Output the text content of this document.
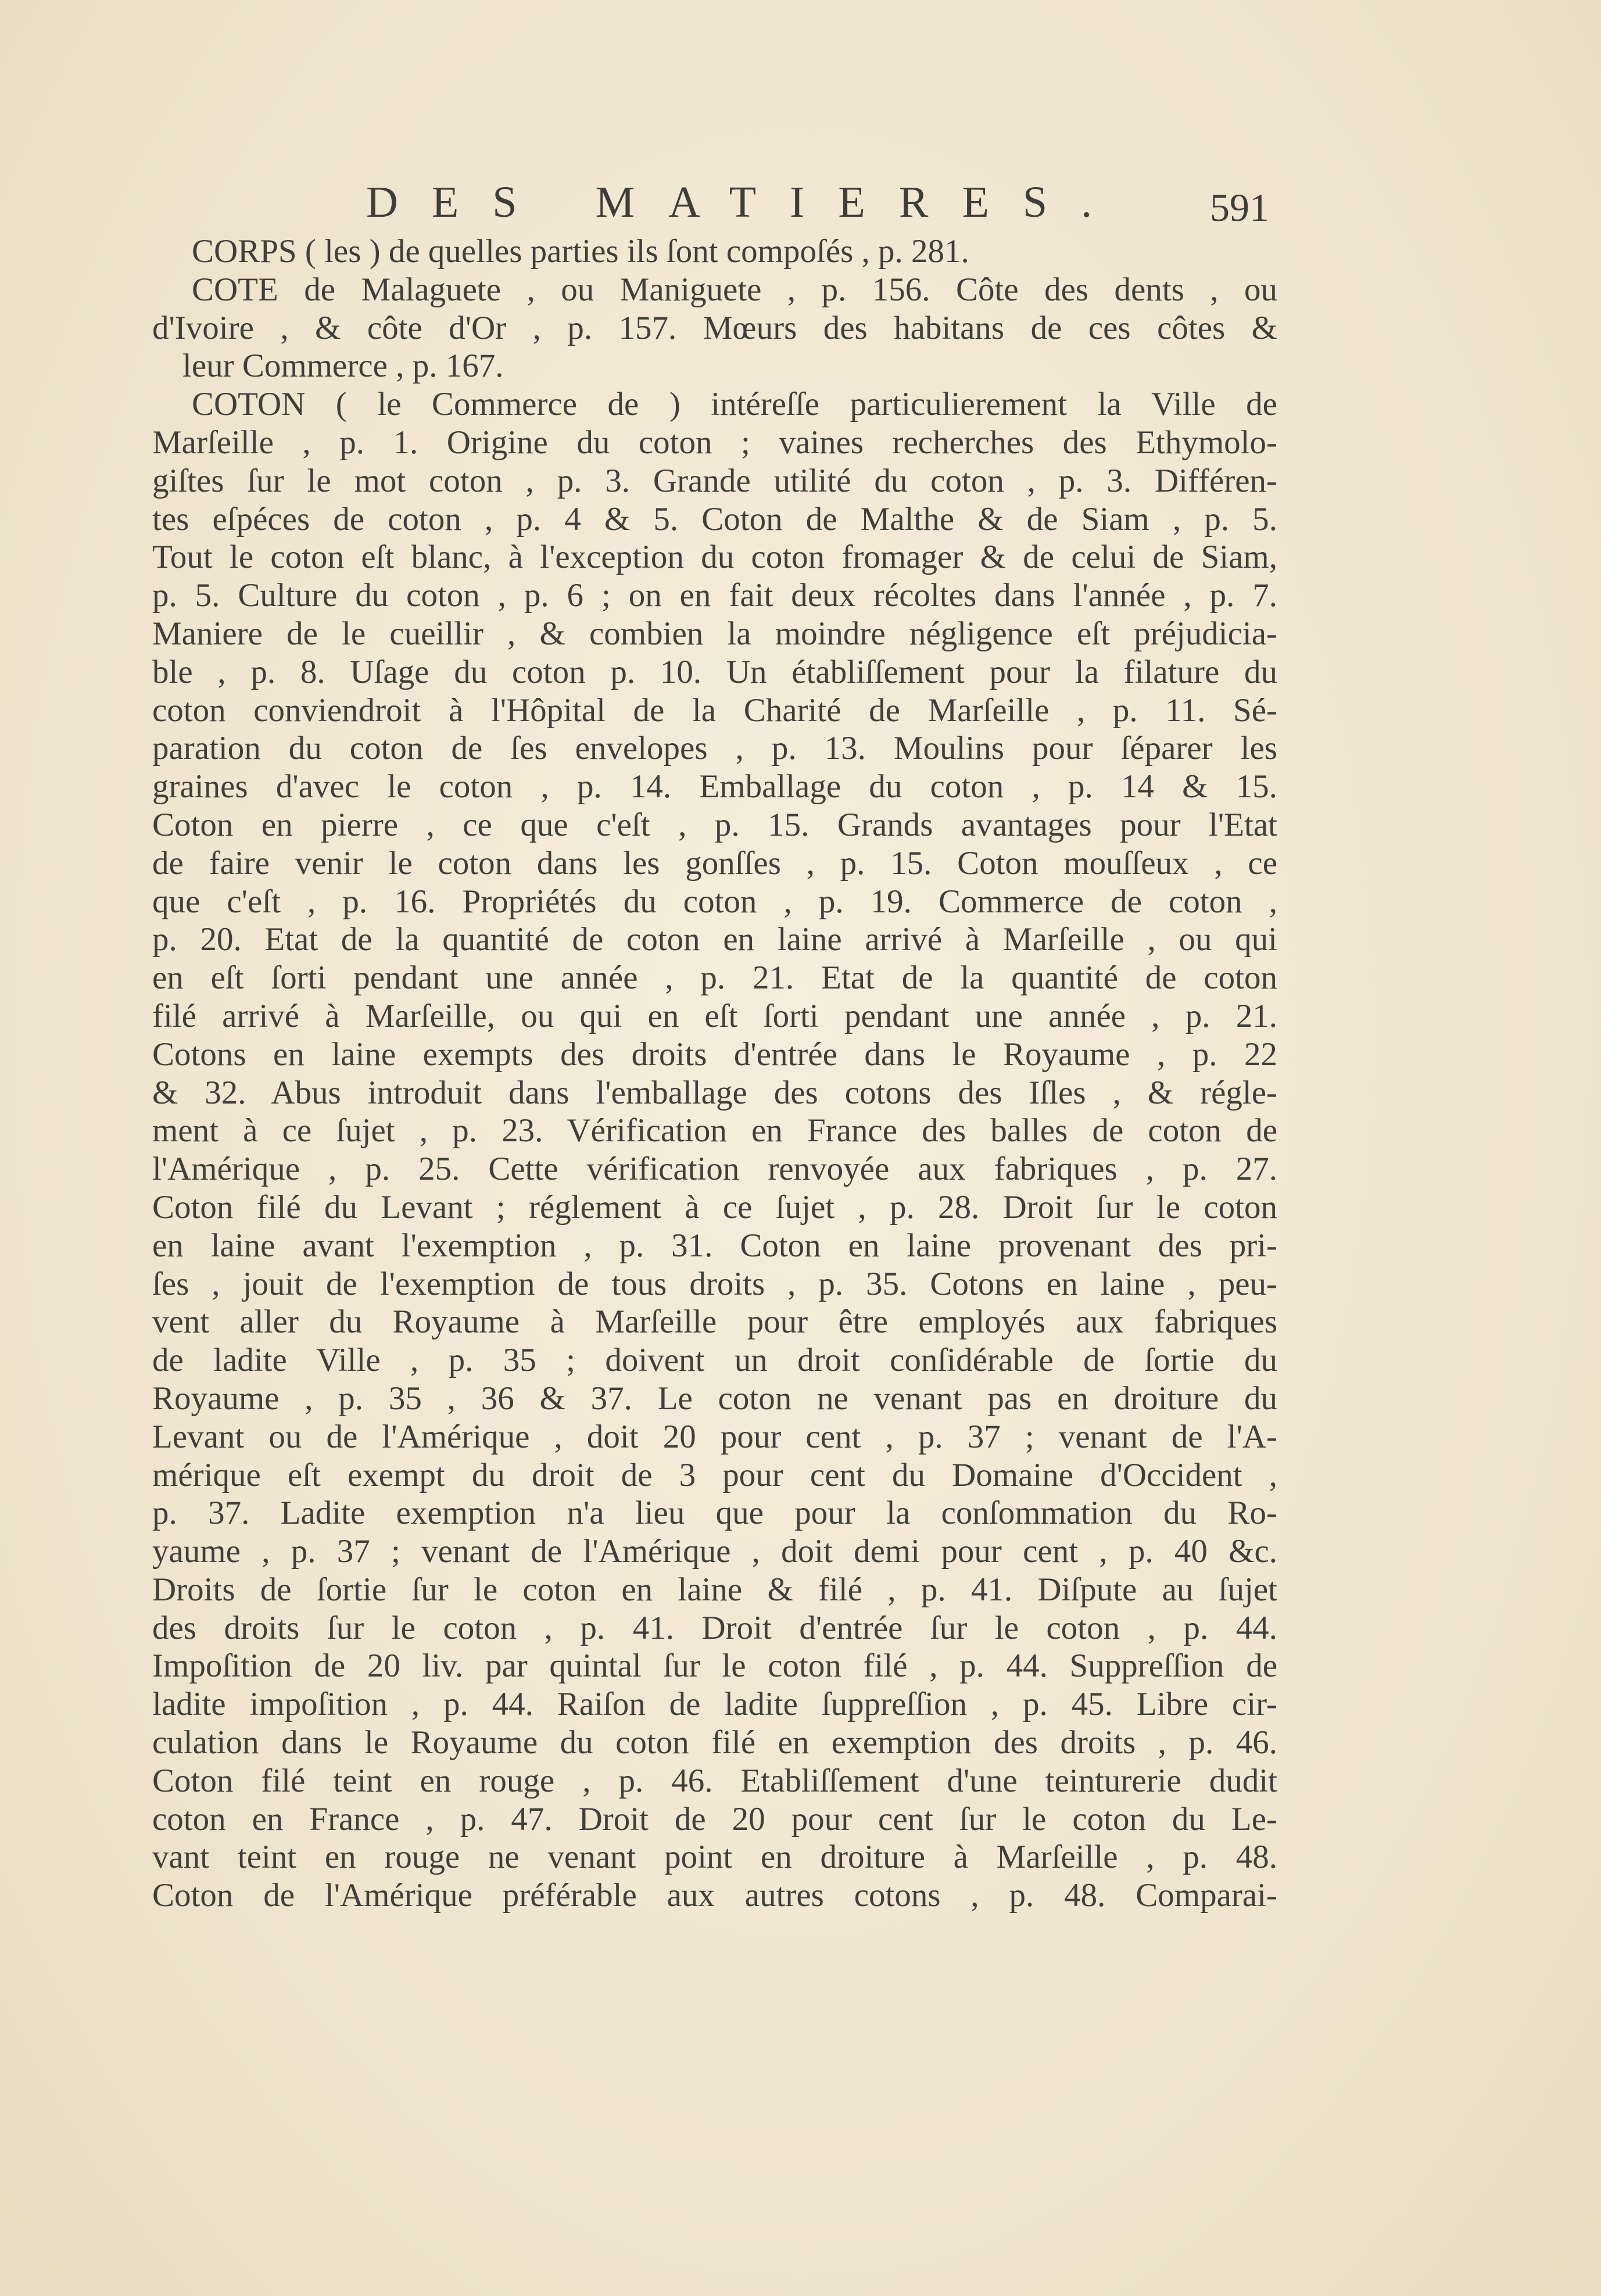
DES MATIERES.	591
CORPS ( les ) de quelles parties ils ſont compoſés , p. 281.
COTE de Malaguete , ou Maniguete , p. 156. Côte des dents , ou
d'Ivoire , & côte d'Or , p. 157. Mœurs des habitans de ces côtes &
leur Commerce , p. 167.
COTON ( le Commerce de ) intéreſſe particulierement la Ville de
Marſeille , p. 1. Origine du coton ; vaines recherches des Ethymolo-
giſtes ſur le mot coton , p. 3. Grande utilité du coton , p. 3. Différen-
tes eſpéces de coton , p. 4 & 5. Coton de Malthe & de Siam , p. 5.
Tout le coton eſt blanc, à l'exception du coton fromager & de celui de Siam,
p. 5. Culture du coton , p. 6 ; on en fait deux récoltes dans l'année , p. 7.
Maniere de le cueillir , & combien la moindre négligence eſt préjudicia-
ble , p. 8. Uſage du coton p. 10. Un établiſſement pour la filature du
coton conviendroit à l'Hôpital de la Charité de Marſeille , p. 11. Sé-
paration du coton de ſes envelopes , p. 13. Moulins pour ſéparer les
graines d'avec le coton , p. 14. Emballage du coton , p. 14 & 15.
Coton en pierre , ce que c'eſt , p. 15. Grands avantages pour l'Etat
de faire venir le coton dans les gonſſes , p. 15. Coton mouſſeux , ce
que c'eſt , p. 16. Propriétés du coton , p. 19. Commerce de coton ,
p. 20. Etat de la quantité de coton en laine arrivé à Marſeille , ou qui
en eſt ſorti pendant une année , p. 21. Etat de la quantité de coton
filé arrivé à Marſeille, ou qui en eſt ſorti pendant une année , p. 21.
Cotons en laine exempts des droits d'entrée dans le Royaume , p. 22
& 32. Abus introduit dans l'emballage des cotons des Iſles , & régle-
ment à ce ſujet , p. 23. Vérification en France des balles de coton de
l'Amérique , p. 25. Cette vérification renvoyée aux fabriques , p. 27.
Coton filé du Levant ; réglement à ce ſujet , p. 28. Droit ſur le coton
en laine avant l'exemption , p. 31. Coton en laine provenant des pri-
ſes , jouit de l'exemption de tous droits , p. 35. Cotons en laine , peu-
vent aller du Royaume à Marſeille pour être employés aux fabriques
de ladite Ville , p. 35 ; doivent un droit conſidérable de ſortie du
Royaume , p. 35 , 36 & 37. Le coton ne venant pas en droiture du
Levant ou de l'Amérique , doit 20 pour cent , p. 37 ; venant de l'A-
mérique eſt exempt du droit de 3 pour cent du Domaine d'Occident ,
p. 37. Ladite exemption n'a lieu que pour la conſommation du Ro-
yaume , p. 37 ; venant de l'Amérique , doit demi pour cent , p. 40 &c.
Droits de ſortie ſur le coton en laine & filé , p. 41. Diſpute au ſujet
des droits ſur le coton , p. 41. Droit d'entrée ſur le coton , p. 44.
Impoſition de 20 liv. par quintal ſur le coton filé , p. 44. Suppreſſion de
ladite impoſition , p. 44. Raiſon de ladite ſuppreſſion , p. 45. Libre cir-
culation dans le Royaume du coton filé en exemption des droits , p. 46.
Coton filé teint en rouge , p. 46. Etabliſſement d'une teinturerie dudit
coton en France , p. 47. Droit de 20 pour cent ſur le coton du Le-
vant teint en rouge ne venant point en droiture à Marſeille , p. 48.
Coton de l'Amérique préférable aux autres cotons , p. 48. Comparai-
